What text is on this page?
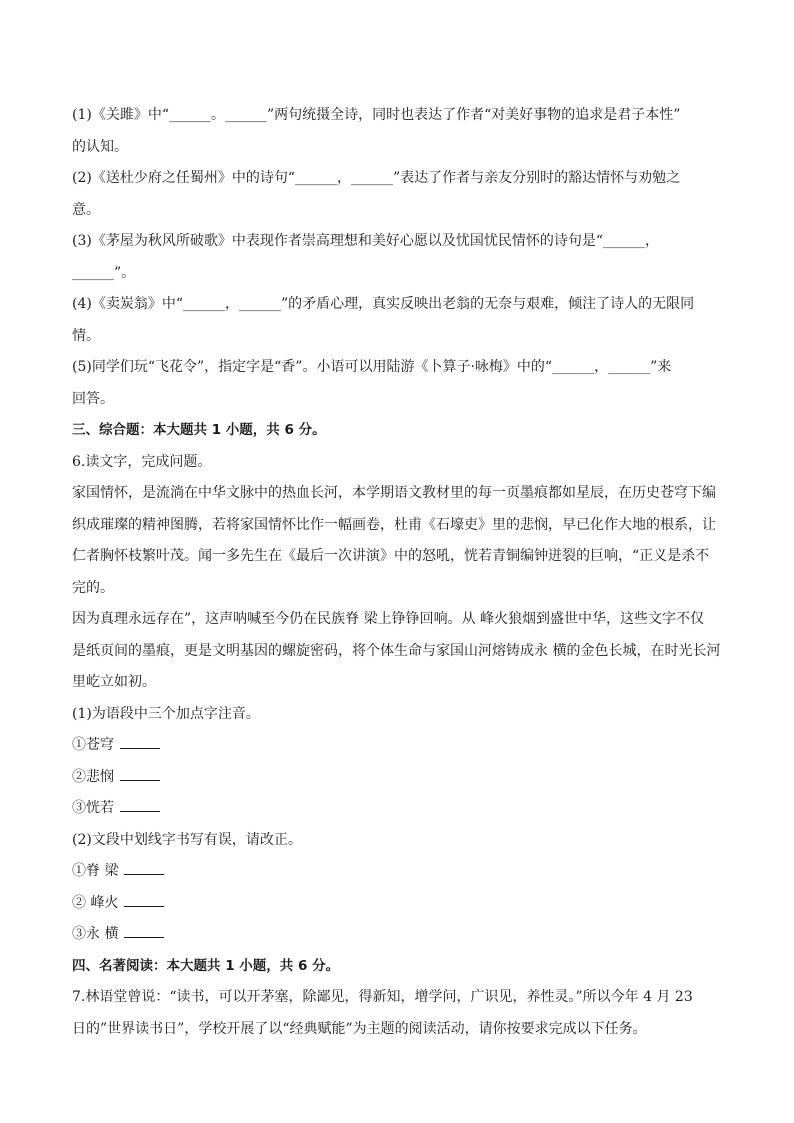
(1)《关雎》中“______。______”两句统摄全诗，同时也表达了作者“对美好事物的追求是君子本性”
的认知。
(2)《送杜少府之任蜀州》中的诗句“______，______”表达了作者与亲友分别时的豁达情怀与劝勉之
意。
(3)《茅屋为秋风所破歌》中表现作者崇高理想和美好心愿以及忧国忧民情怀的诗句是“______，
______”。
(4)《卖炭翁》中“______，______”的矛盾心理，真实反映出老翁的无奈与艰难，倾注了诗人的无限同
情。
(5)同学们玩“飞花令”，指定字是“香”。小语可以用陆游《卜算子·咏梅》中的“______，______”来
回答。
三、综合题：本大题共 1 小题，共 6 分。
6.读文字，完成问题。
家国情怀，是流淌在中华文脉中的热血长河，本学期语文教材里的每一页墨痕都如星辰，在历史苍穹下编
织成璀璨的精神图腾，若将家国情怀比作一幅画卷，杜甫《石壕吏》里的悲悯，早已化作大地的根系，让
仁者胸怀枝繁叶茂。闻一多先生在《最后一次讲演》中的怒吼，恍若青铜编钟迸裂的巨响，“正义是杀不
完的。
因为真理永远存在”，这声呐喊至今仍在民族脊 梁上铮铮回响。从 峰火狼烟到盛世中华，这些文字不仅
是纸页间的墨痕，更是文明基因的螺旋密码，将个体生命与家国山河熔铸成永 横的金色长城，在时光长河
里屹立如初。
(1)为语段中三个加点字注音。
①苍穹
②悲悯
③恍若
(2)文段中划线字书写有误，请改正。
①脊 梁
② 峰火
③永 横
四、名著阅读：本大题共 1 小题，共 6 分。
7.林语堂曾说：“读书，可以开茅塞，除鄙见，得新知，增学问，广识见，养性灵。”所以今年 4 月 23
日的”世界读书日”，学校开展了以“经典赋能”为主题的阅读活动，请你按要求完成以下任务。
